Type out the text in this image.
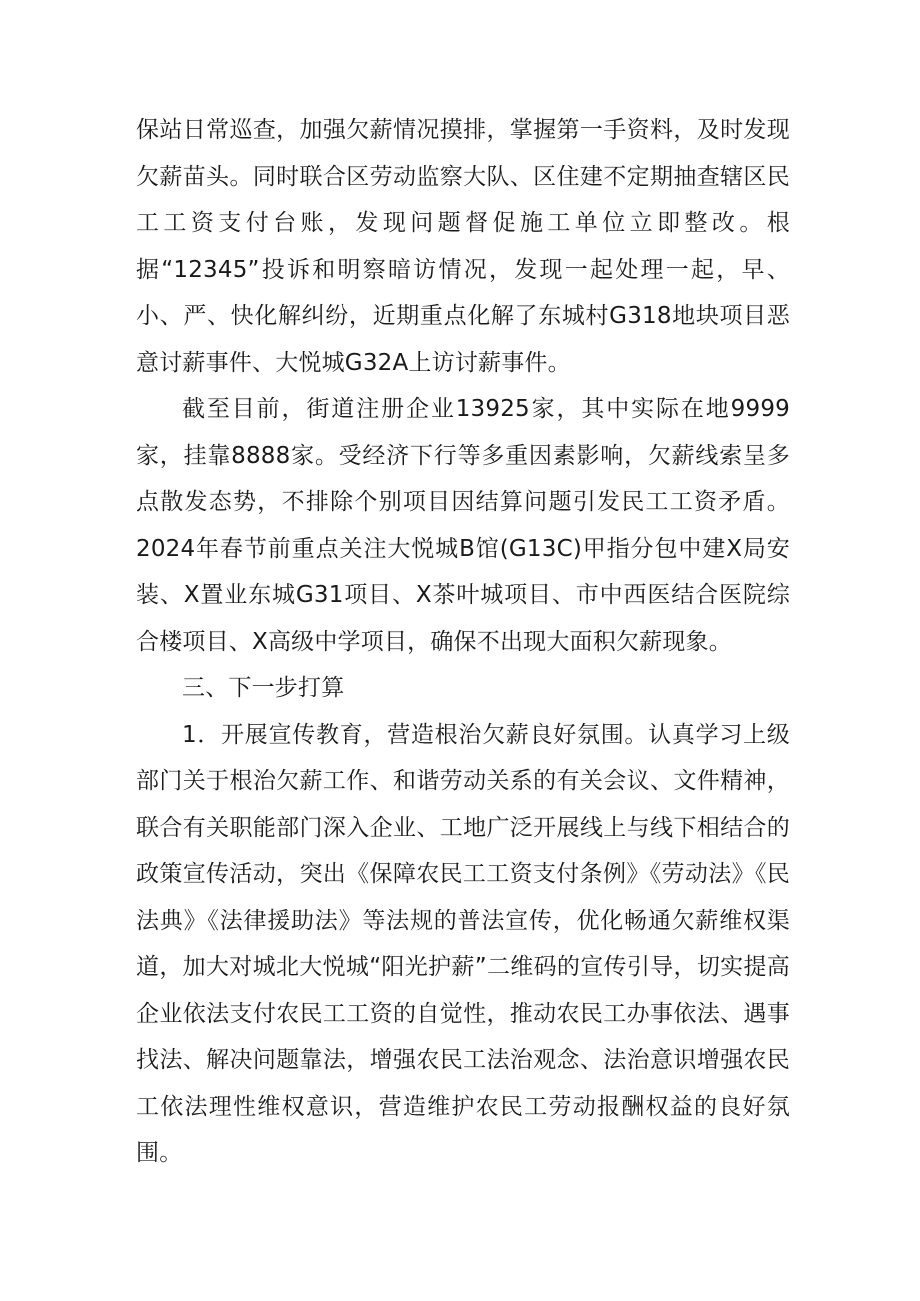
保站日常巡查，加强欠薪情况摸排，掌握第一手资料，及时发现欠薪苗头。同时联合区劳动监察大队、区住建不定期抽查辖区民工工资支付台账，发现问题督促施工单位立即整改。根据“12345”投诉和明察暗访情况，发现一起处理一起，早、小、严、快化解纠纷，近期重点化解了东城村G318地块项目恶意讨薪事件、大悦城G32A上访讨薪事件。

截至目前，街道注册企业13925家，其中实际在地9999家，挂靠8888家。受经济下行等多重因素影响，欠薪线索呈多点散发态势，不排除个别项目因结算问题引发民工工资矛盾。2024年春节前重点关注大悦城B馆(G13C)甲指分包中建X局安装、X置业东城G31项目、X茶叶城项目、市中西医结合医院综合楼项目、X高级中学项目，确保不出现大面积欠薪现象。

三、下一步打算

1．开展宣传教育，营造根治欠薪良好氛围。认真学习上级部门关于根治欠薪工作、和谐劳动关系的有关会议、文件精神，联合有关职能部门深入企业、工地广泛开展线上与线下相结合的政策宣传活动，突出《保障农民工工资支付条例》《劳动法》《民法典》《法律援助法》等法规的普法宣传，优化畅通欠薪维权渠道，加大对城北大悦城“阳光护薪”二维码的宣传引导，切实提高企业依法支付农民工工资的自觉性，推动农民工办事依法、遇事找法、解决问题靠法，增强农民工法治观念、法治意识增强农民工依法理性维权意识，营造维护农民工劳动报酬权益的良好氛围。
